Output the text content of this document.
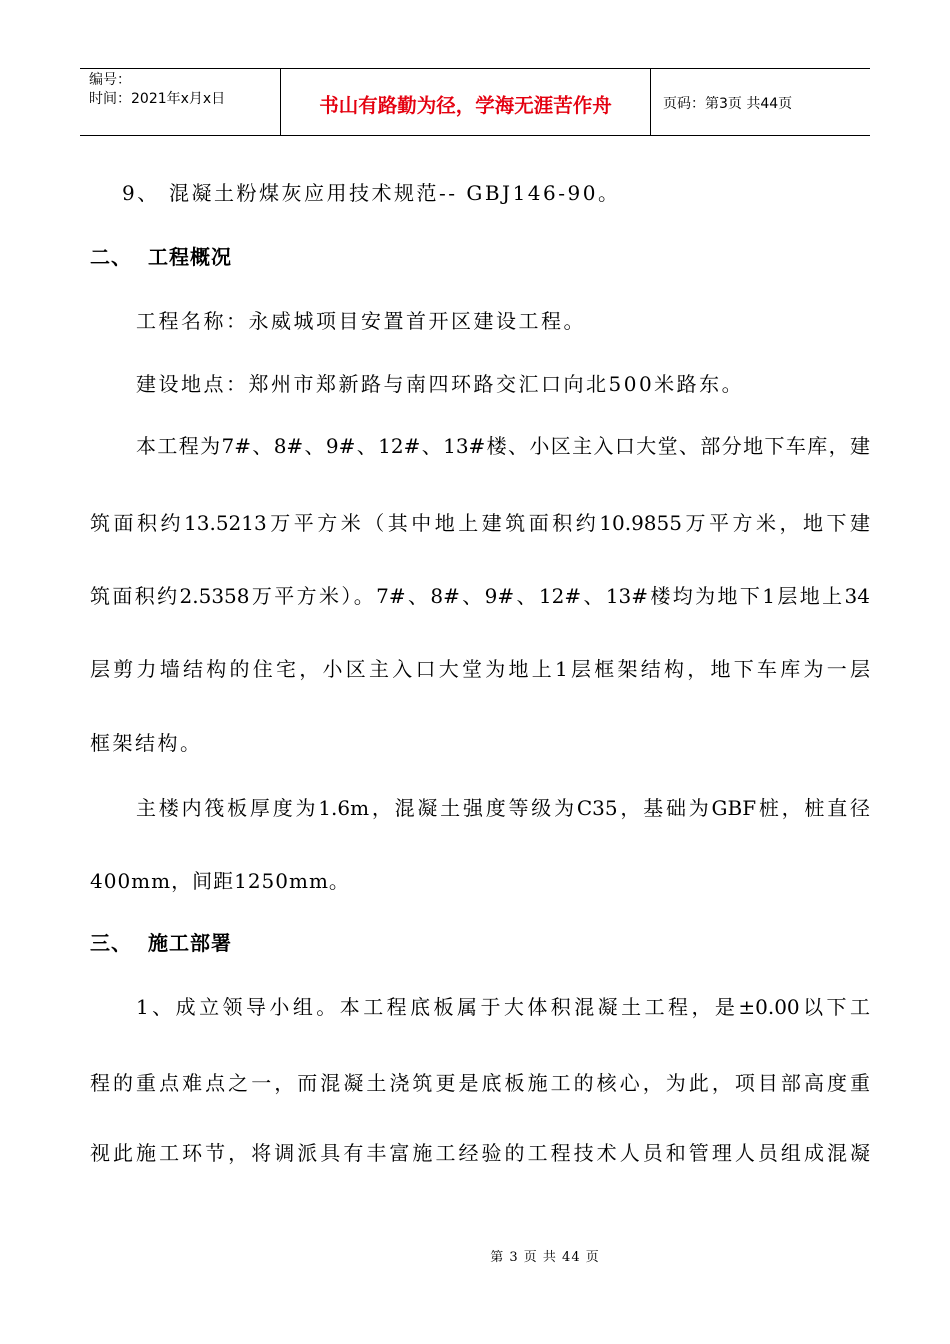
编号：
时间：2021年x月x日	书山有路勤为径，学海无涯苦作舟	页码：第3页 共44页
9、 混凝土粉煤灰应用技术规范-- GBJ146-90。
二、 工程概况
工程名称：永威城项目安置首开区建设工程。
建设地点：郑州市郑新路与南四环路交汇口向北500米路东。
本工程为7#、8#、9#、12#、13#楼、小区主入口大堂、部分地下车库，建
筑面积约13.5213万平方米（其中地上建筑面积约10.9855万平方米，地下建
筑面积约2.5358万平方米）。7#、8#、9#、12#、13#楼均为地下1层地上34
层剪力墙结构的住宅，小区主入口大堂为地上1层框架结构，地下车库为一层
框架结构。
主楼内筏板厚度为1.6m，混凝土强度等级为C35，基础为GBF桩，桩直径
400mm，间距1250mm。
三、 施工部署
1、成立领导小组。本工程底板属于大体积混凝土工程，是±0.00以下工
程的重点难点之一，而混凝土浇筑更是底板施工的核心，为此，项目部高度重
视此施工环节，将调派具有丰富施工经验的工程技术人员和管理人员组成混凝
第 3 页 共 44 页
